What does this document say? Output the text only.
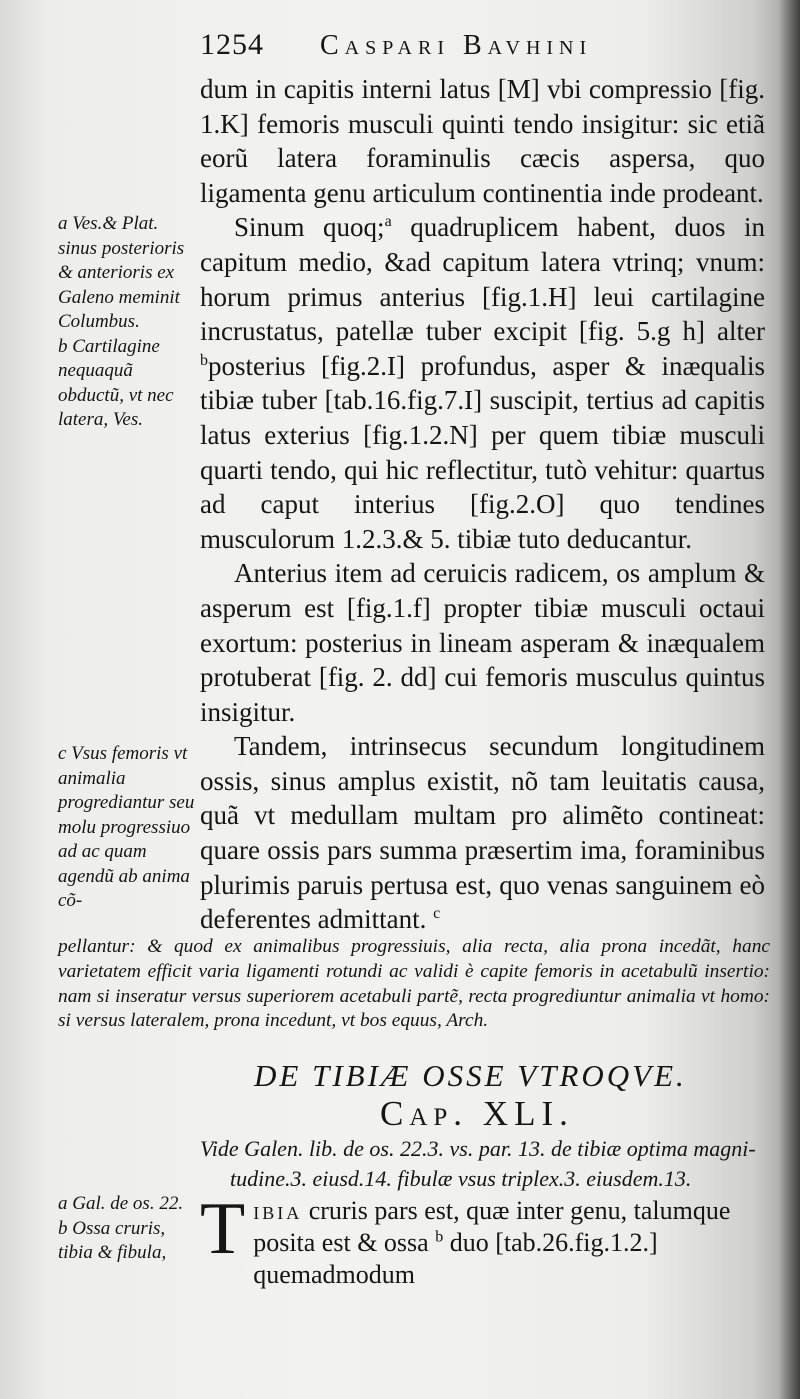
1254 Caspari Bavhini

dum in capitis interni latus [M] vbi compressio [fig. 1.K] femoris musculi quinti tendo insigitur: sic etiã eorũ latera foraminulis cæcis aspersa, quo ligamenta genu articulum continentia inde prodeant.

Sinum quoq;$^a$ quadruplicem habent, duos in capitum medio, &ad capitum latera vtrinq; vnum: horum primus anterius [fig.1.H] leui cartilagine incrustatus, patellæ tuber excipit [fig. 5.g h] alter $^b$posterius [fig.2.I] profundus, asper & inæqualis tibiæ tuber [tab.16.fig.7.I] suscipit, tertius ad capitis latus exterius [fig.1.2.N] per quem tibiæ musculi quarti tendo, qui hic reflectitur, tutò vehitur: quartus ad caput interius [fig.2.O] quo tendines musculorum 1.2.3.& 5. tibiæ tuto deducantur.

Anterius item ad ceruicis radicem, os amplum & asperum est [fig.1.f] propter tibiæ musculi octaui exortum: posterius in lineam asperam & inæqualem protuberat [fig. 2. dd] cui femoris musculus quintus insigitur.

Tandem, intrinsecus secundum longitudinem ossis, sinus amplus existit, nõ tam leuitatis causa, quã vt medullam multam pro alimẽto contineat: quare ossis pars summa præsertim ima, foraminibus plurimis paruis pertusa est, quo venas sanguinem eò deferentes admittant. $^c$

a Ves.& Plat. sinus posterioris & anterioris ex Galeno meminit Columbus.
b Cartilagine nequaquã obductũ, vt nec latera, Ves.
c Vsus femoris vt animalia progrediantur seu molu progressiuo ad ac quam agendũ ab anima cõ-
pellantur: & quod ex animalibus progressiuis, alia recta, alia prona incedãt, hanc varietatem efficit varia ligamenti rotundi ac validi è capite femoris in acetabulũ insertio: nam si inseratur versus superiorem acetabuli partẽ, recta progrediuntur animalia vt homo: si versus lateralem, prona incedunt, vt bos equus, Arch.
DE TIBIÆ OSSE VTROQVE.
Cap. XLI.
Vide Galen. lib. de os. 22.3. vs. par. 13. de tibiæ optima magni-
tudine.3. eiusd.14. fibulæ vsus triplex.3. eiusdem.13.
a Gal. de os. 22.
b Ossa cruris, tibia & fibula, T ibia cruris pars est, quæ inter genu, talumque posita est & ossa $^b$ duo [tab.26.fig.1.2.] quemadmodum
